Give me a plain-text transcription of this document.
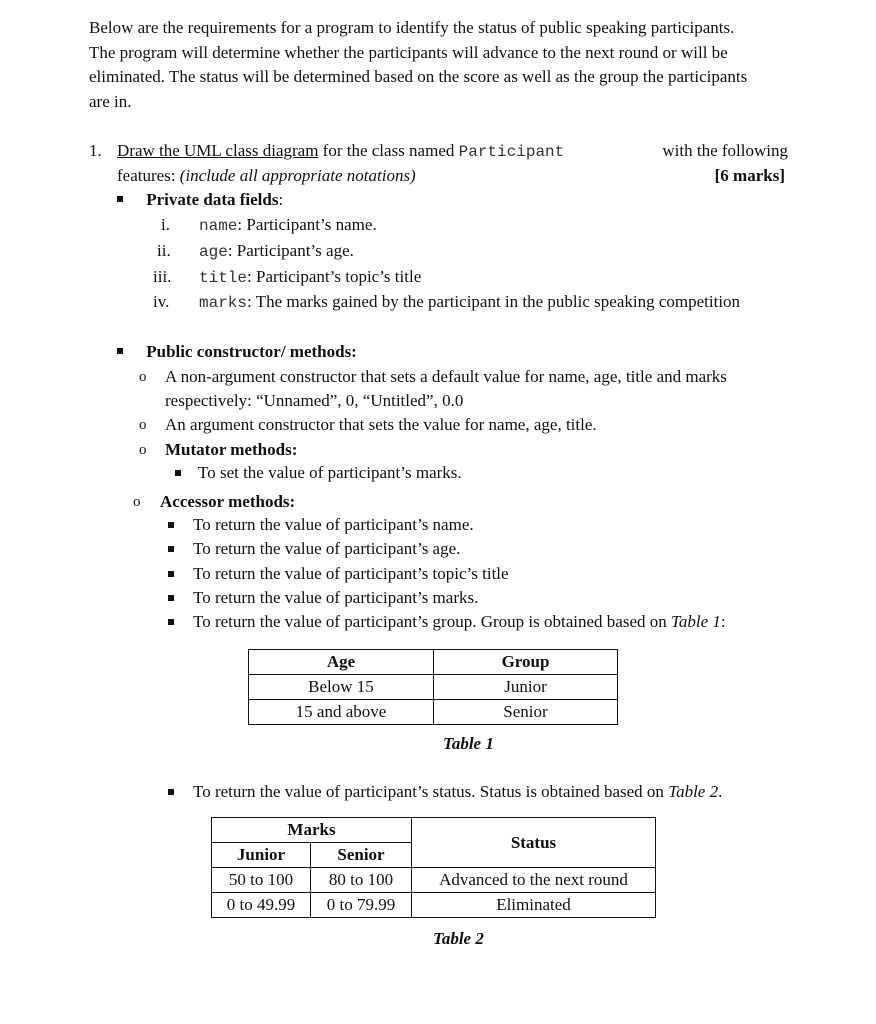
Below are the requirements for a program to identify the status of public speaking participants.
The program will determine whether the participants will advance to the next round or will be
eliminated. The status will be determined based on the score as well as the group the participants
are in.
1. Draw the UML class diagram for the class named Participant	with the following
features: (include all appropriate notations)	[6 marks]
Private data fields:
i. name: Participant’s name.
ii. age: Participant’s age.
iii. title: Participant’s topic’s title
iv. marks: The marks gained by the participant in the public speaking competition
Public constructor/ methods:
o A non-argument constructor that sets a default value for name, age, title and marks
respectively: “Unnamed”, 0, “Untitled”, 0.0
o An argument constructor that sets the value for name, age, title.
o Mutator methods:
To set the value of participant’s marks.
o Accessor methods:
To return the value of participant’s name.
To return the value of participant’s age.
To return the value of participant’s topic’s title
To return the value of participant’s marks.
To return the value of participant’s group. Group is obtained based on Table 1:
Age	Group
Below 15	Junior
15 and above	Senior
Table 1
To return the value of participant’s status. Status is obtained based on Table 2.
Marks		Status
Junior	Senior	
50 to 100	80 to 100	Advanced to the next round
0 to 49.99	0 to 79.99	Eliminated
Table 2
